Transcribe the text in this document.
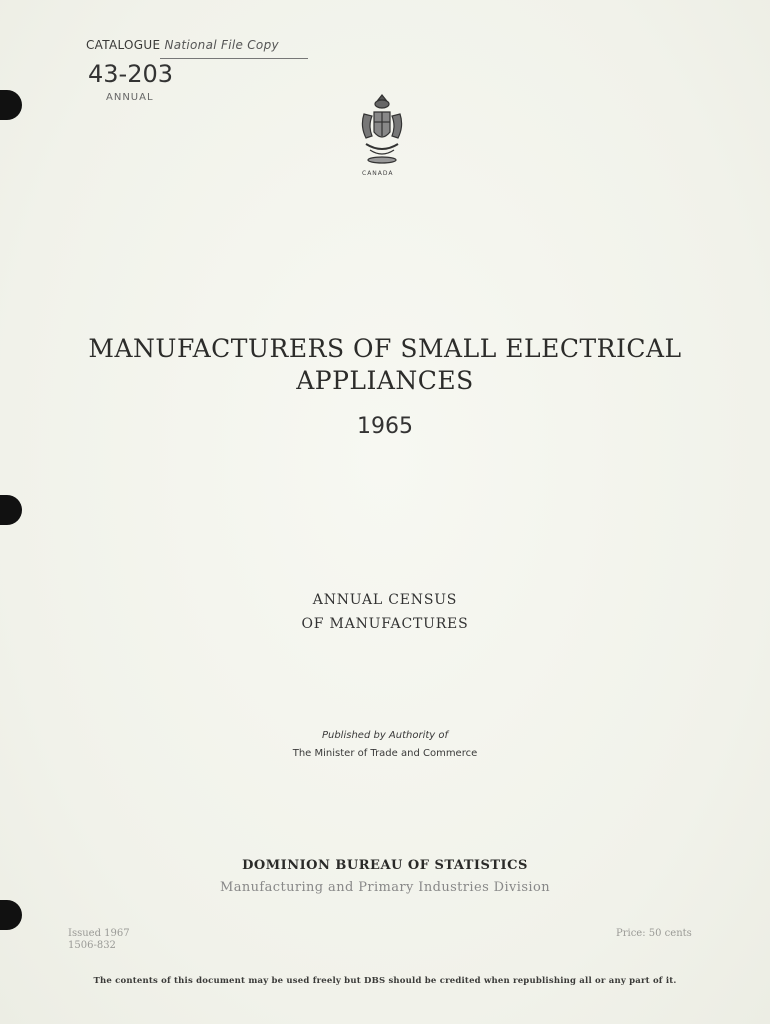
CATALOGUE National File Copy
43-203
ANNUAL
CANADA
MANUFACTURERS OF SMALL ELECTRICAL
APPLIANCES
1965
ANNUAL CENSUS
OF MANUFACTURES
Published by Authority of
The Minister of Trade and Commerce
DOMINION BUREAU OF STATISTICS
Manufacturing and Primary Industries Division
Issued 1967
1506-832
Price: 50 cents
The contents of this document may be used freely but DBS should be credited when republishing all or any part of it.
